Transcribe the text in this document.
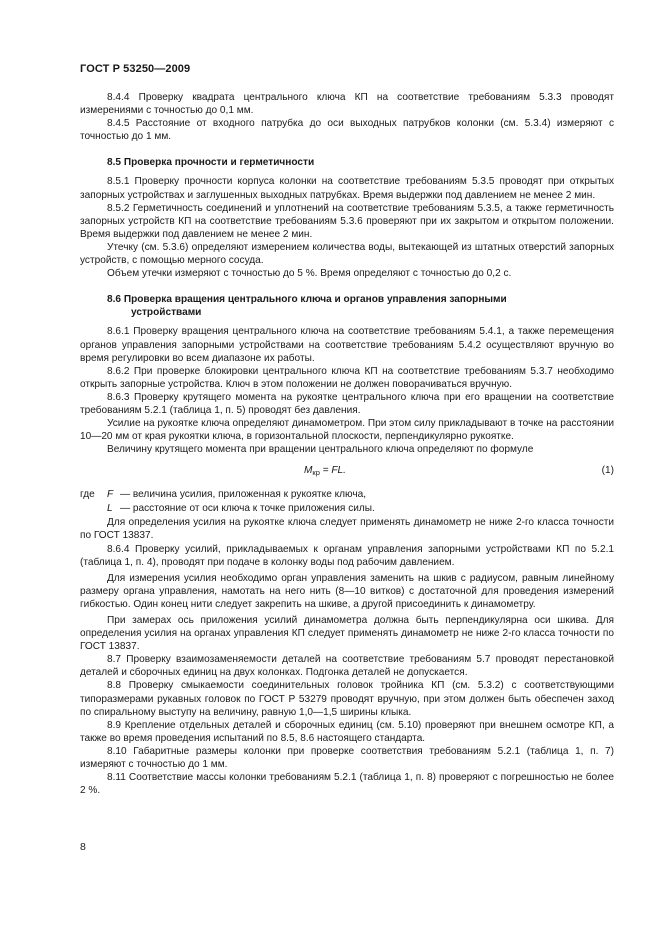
ГОСТ Р 53250—2009

8.4.4 Проверку квадрата центрального ключа КП на соответствие требованиям 5.3.3 проводят измерениями с точностью до 0,1 мм.

8.4.5 Расстояние от входного патрубка до оси выходных патрубков колонки (см. 5.3.4) измеряют с точностью до 1 мм.

8.5 Проверка прочности и герметичности

8.5.1 Проверку прочности корпуса колонки на соответствие требованиям 5.3.5 проводят при открытых запорных устройствах и заглушенных выходных патрубках. Время выдержки под давлением не менее 2 мин.

8.5.2 Герметичность соединений и уплотнений на соответствие требованиям 5.3.5, а также герметичность запорных устройств КП на соответствие требованиям 5.3.6 проверяют при их закрытом и открытом положении. Время выдержки под давлением не менее 2 мин.

Утечку (см. 5.3.6) определяют измерением количества воды, вытекающей из штатных отверстий запорных устройств, с помощью мерного сосуда.

Объем утечки измеряют с точностью до 5 %. Время определяют с точностью до 0,2 с.

8.6 Проверка вращения центрального ключа и органов управления запорными
устройствами

8.6.1 Проверку вращения центрального ключа на соответствие требованиям 5.4.1, а также перемещения органов управления запорными устройствами на соответствие требованиям 5.4.2 осуществляют вручную во время регулировки во всем диапазоне их работы.

8.6.2 При проверке блокировки центрального ключа КП на соответствие требованиям 5.3.7 необходимо открыть запорные устройства. Ключ в этом положении не должен поворачиваться вручную.

8.6.3 Проверку крутящего момента на рукоятке центрального ключа при его вращении на соответствие требованиям 5.2.1 (таблица 1, п. 5) проводят без давления.

Усилие на рукоятке ключа определяют динамометром. При этом силу прикладывают в точке на расстоянии 10—20 мм от края рукоятки ключа, в горизонтальной плоскости, перпендикулярно рукоятке.

Величину крутящего момента при вращении центрального ключа определяют по формуле

$M_{кр}$ = FL.	(1)
где F — величина усилия, приложенная к рукоятке ключа,
L — расстояние от оси ключа к точке приложения силы.

Для определения усилия на рукоятке ключа следует применять динамометр не ниже 2-го класса точности по ГОСТ 13837.

8.6.4 Проверку усилий, прикладываемых к органам управления запорными устройствами КП по 5.2.1 (таблица 1, п. 4), проводят при подаче в колонку воды под рабочим давлением.

Для измерения усилия необходимо орган управления заменить на шкив с радиусом, равным линейному размеру органа управления, намотать на него нить (8—10 витков) с достаточной для проведения измерений гибкостью. Один конец нити следует закрепить на шкиве, а другой присоединить к динамометру.

При замерах ось приложения усилий динамометра должна быть перпендикулярна оси шкива. Для определения усилия на органах управления КП следует применять динамометр не ниже 2-го класса точности по ГОСТ 13837.

8.7 Проверку взаимозаменяемости деталей на соответствие требованиям 5.7 проводят перестановкой деталей и сборочных единиц на двух колонках. Подгонка деталей не допускается.

8.8 Проверку смыкаемости соединительных головок тройника КП (см. 5.3.2) с соответствующими типоразмерами рукавных головок по ГОСТ Р 53279 проводят вручную, при этом должен быть обеспечен заход по спиральному выступу на величину, равную 1,0—1,5 ширины клыка.

8.9 Крепление отдельных деталей и сборочных единиц (см. 5.10) проверяют при внешнем осмотре КП, а также во время проведения испытаний по 8.5, 8.6 настоящего стандарта.

8.10 Габаритные размеры колонки при проверке соответствия требованиям 5.2.1 (таблица 1, п. 7) измеряют с точностью до 1 мм.

8.11 Соответствие массы колонки требованиям 5.2.1 (таблица 1, п. 8) проверяют с погрешностью не более 2 %.

8
